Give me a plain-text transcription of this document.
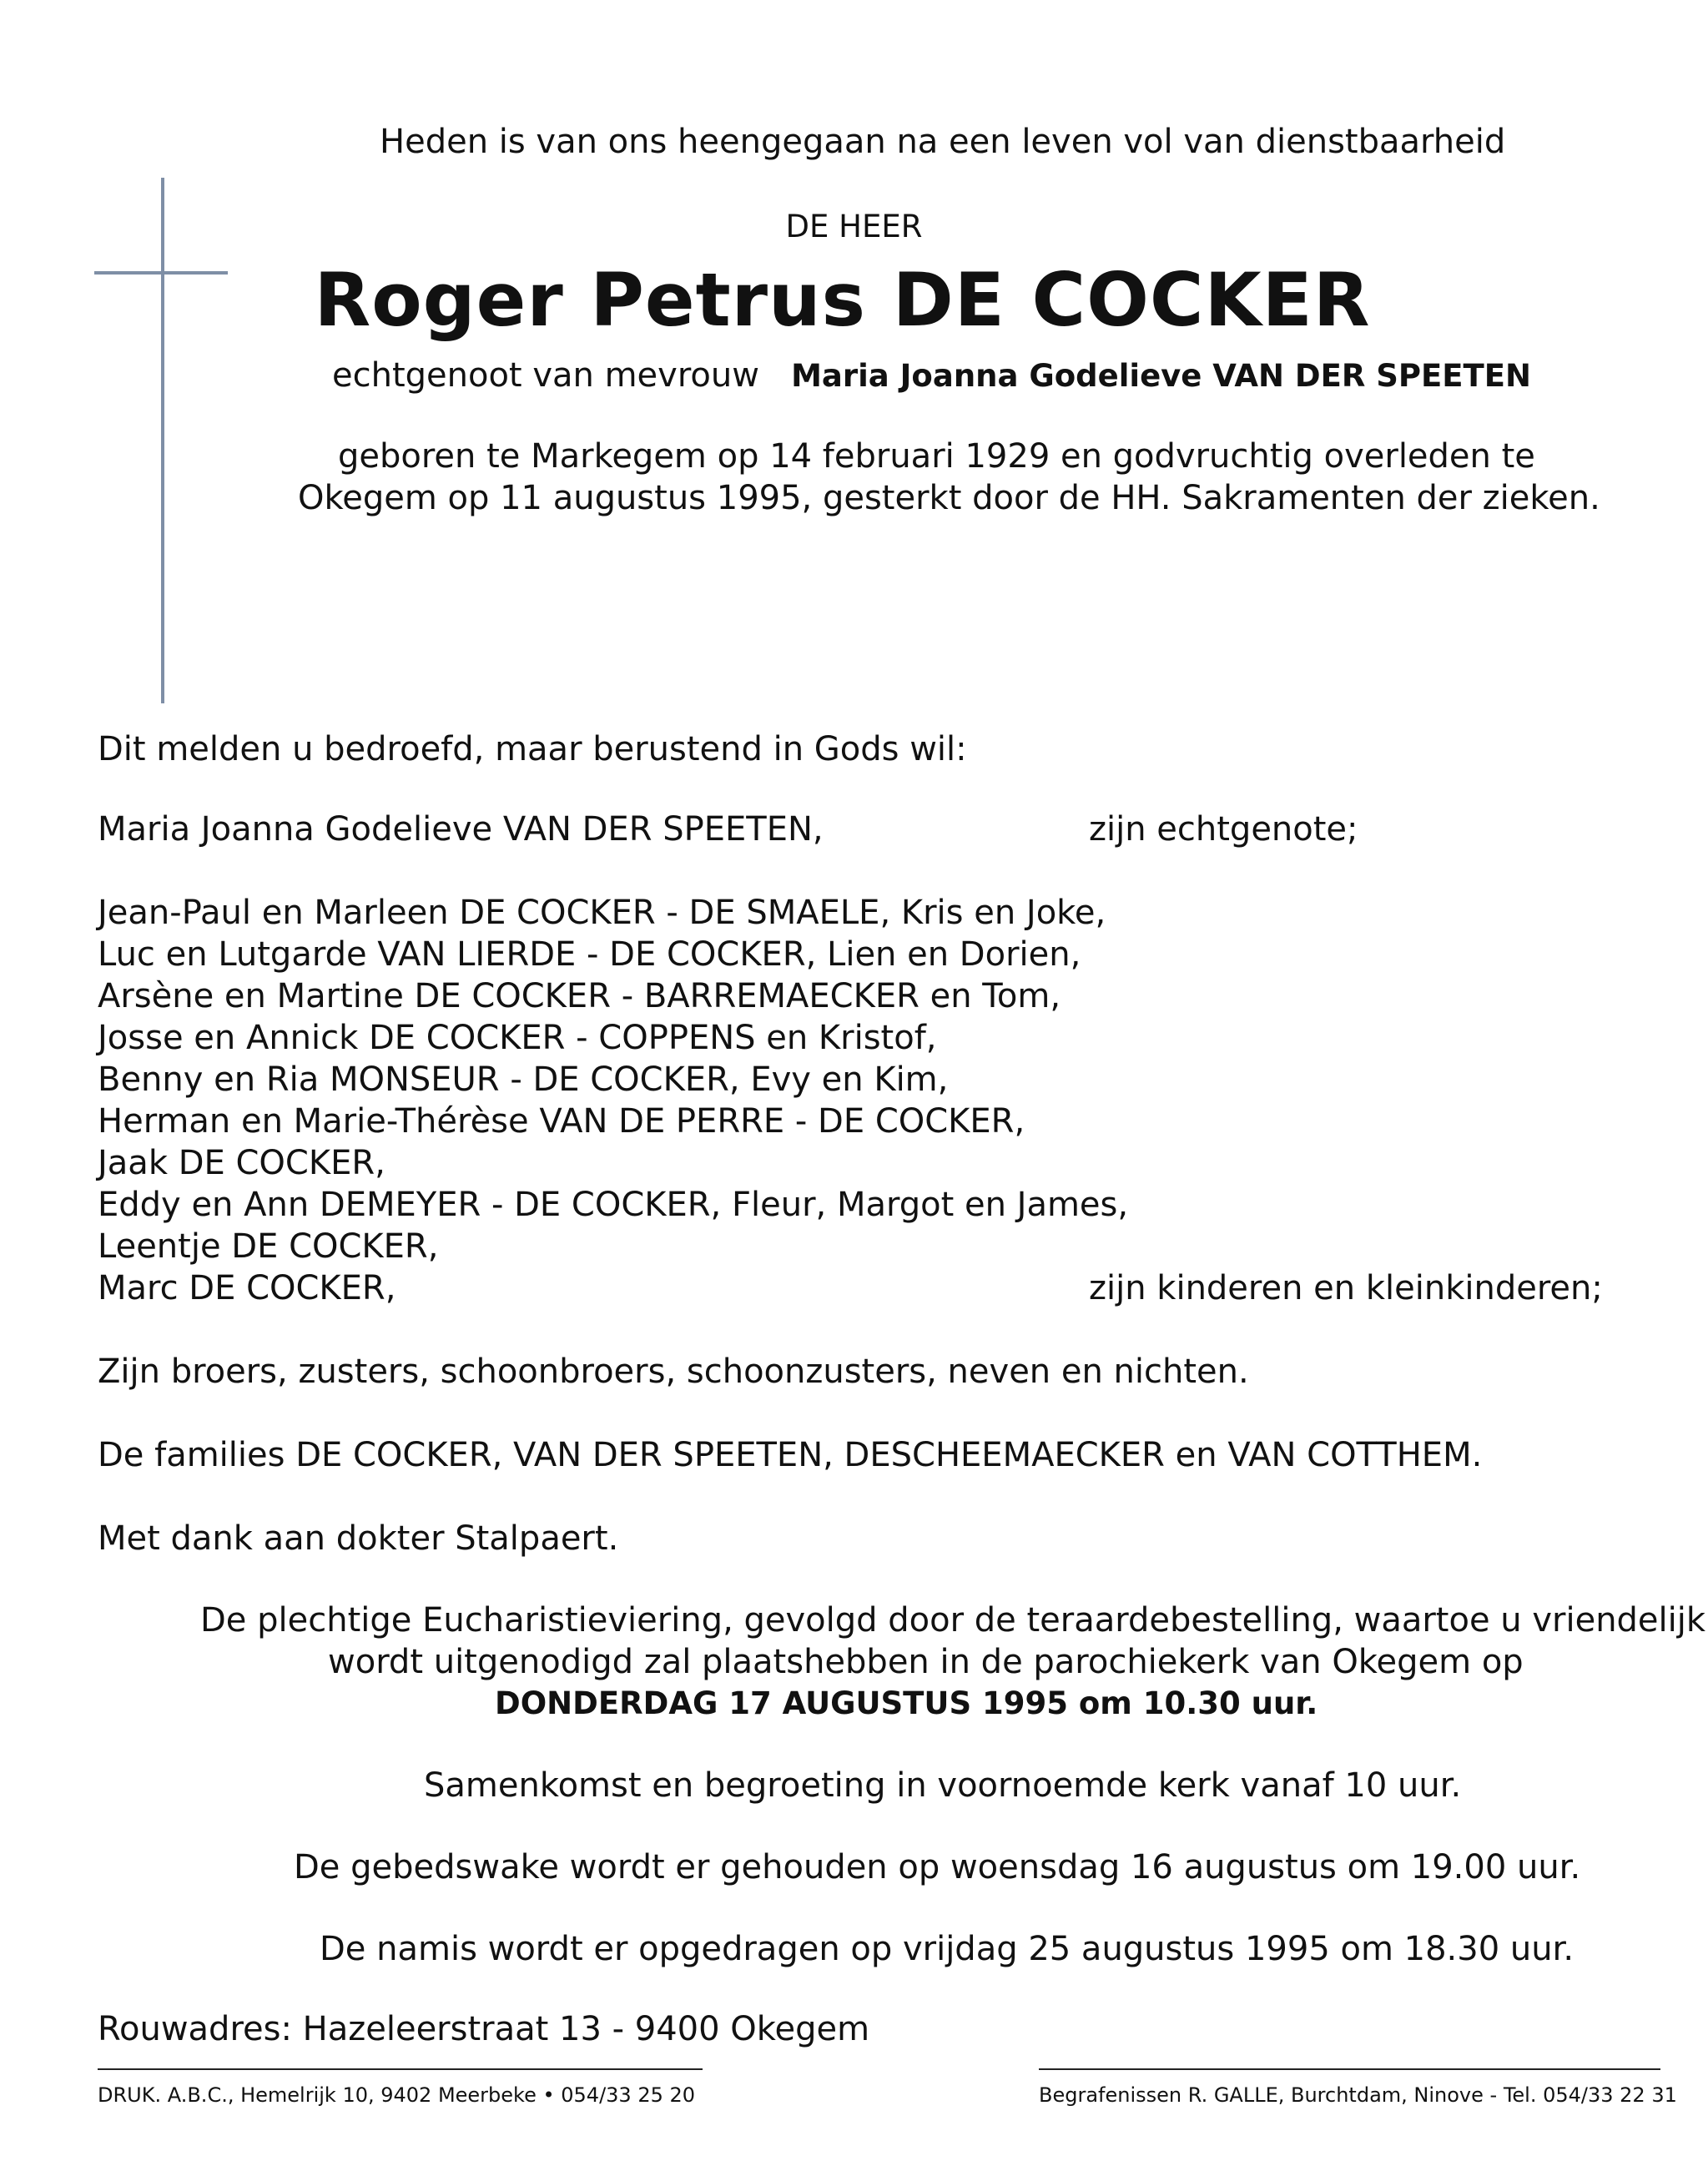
Heden is van ons heengegaan na een leven vol van dienstbaarheid
DE HEER
Roger Petrus DE COCKER
echtgenoot van mevrouw Maria Joanna Godelieve VAN DER SPEETEN
geboren te Markegem op 14 februari 1929 en godvruchtig overleden te
Okegem op 11 augustus 1995, gesterkt door de HH. Sakramenten der zieken.
Dit melden u bedroefd, maar berustend in Gods wil:
Maria Joanna Godelieve VAN DER SPEETEN,	zijn echtgenote;
Jean-Paul en Marleen DE COCKER - DE SMAELE, Kris en Joke,
Luc en Lutgarde VAN LIERDE - DE COCKER, Lien en Dorien,
Arsène en Martine DE COCKER - BARREMAECKER en Tom,
Josse en Annick DE COCKER - COPPENS en Kristof,
Benny en Ria MONSEUR - DE COCKER, Evy en Kim,
Herman en Marie-Thérèse VAN DE PERRE - DE COCKER,
Jaak DE COCKER,
Eddy en Ann DEMEYER - DE COCKER, Fleur, Margot en James,
Leentje DE COCKER,
Marc DE COCKER,	zijn kinderen en kleinkinderen;
Zijn broers, zusters, schoonbroers, schoonzusters, neven en nichten.
De families DE COCKER, VAN DER SPEETEN, DESCHEEMAECKER en VAN COTTHEM.
Met dank aan dokter Stalpaert.
De plechtige Eucharistieviering, gevolgd door de teraardebestelling, waartoe u vriendelijk
wordt uitgenodigd zal plaatshebben in de parochiekerk van Okegem op
DONDERDAG 17 AUGUSTUS 1995 om 10.30 uur.
Samenkomst en begroeting in voornoemde kerk vanaf 10 uur.
De gebedswake wordt er gehouden op woensdag 16 augustus om 19.00 uur.
De namis wordt er opgedragen op vrijdag 25 augustus 1995 om 18.30 uur.
Rouwadres: Hazeleerstraat 13 - 9400 Okegem
DRUK. A.B.C., Hemelrijk 10, 9402 Meerbeke • 054/33 25 20	Begrafenissen R. GALLE, Burchtdam, Ninove - Tel. 054/33 22 31
